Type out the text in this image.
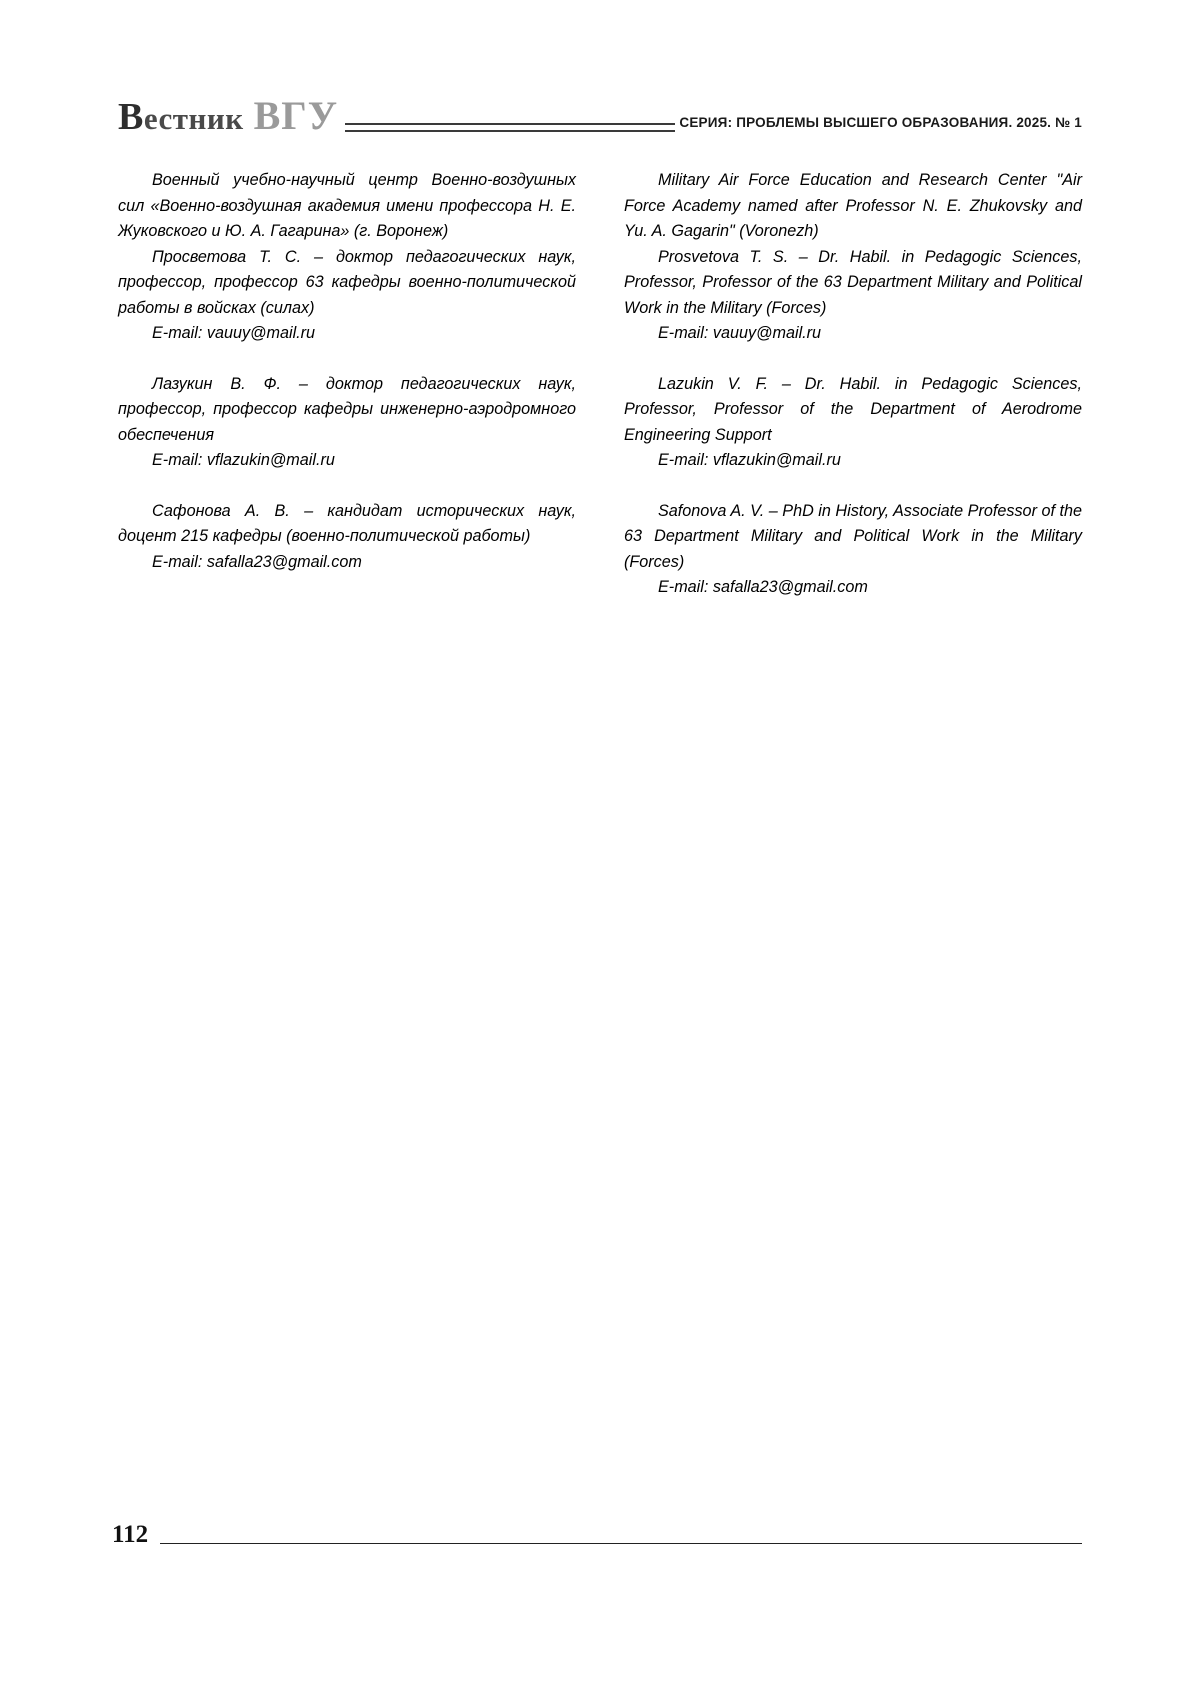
Вестник ВГУ	СЕРИЯ: ПРОБЛЕМЫ ВЫСШЕГО ОБРАЗОВАНИЯ. 2025. № 1

Военный учебно-научный центр Военно-воздушных сил «Военно-воздушная академия имени профессора Н. Е. Жуковского и Ю. А. Гагарина» (г. Воронеж)

Просветова Т. С. – доктор педагогических наук, профессор, профессор 63 кафедры военно-политической работы в войсках (силах)

E-mail: vauuy@mail.ru

Лазукин В. Ф. – доктор педагогических наук, профессор, профессор кафедры инженерно-аэродромного обеспечения

E-mail: vflazukin@mail.ru

Сафонова А. В. – кандидат исторических наук, доцент 215 кафедры (военно-политической работы)

E-mail: safalla23@gmail.com

Military Air Force Education and Research Center "Air Force Academy named after Professor N. E. Zhukovsky and Yu. A. Gagarin" (Voronezh)

Prosvetova T. S. – Dr. Habil. in Pedagogic Sciences, Professor, Professor of the 63 Department Military and Political Work in the Military (Forces)

E-mail: vauuy@mail.ru

Lazukin V. F. – Dr. Habil. in Pedagogic Sciences, Professor, Professor of the Department of Aerodrome Engineering Support

E-mail: vflazukin@mail.ru

Safonova A. V. – PhD in History, Associate Professor of the 63 Department Military and Political Work in the Military (Forces)

E-mail: safalla23@gmail.com

112
